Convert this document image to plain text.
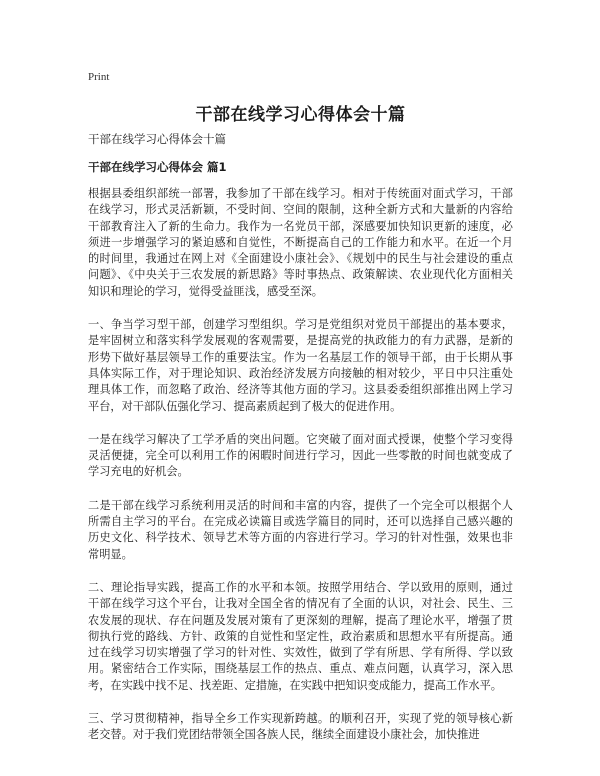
Print
干部在线学习心得体会十篇

干部在线学习心得体会十篇

干部在线学习心得体会 篇1

根据县委组织部统一部署，我参加了干部在线学习。相对于传统面对面式学习，干部在线学习，形式灵活新颖，不受时间、空间的限制，这种全新方式和大量新的内容给干部教育注入了新的生命力。我作为一名党员干部，深感要加快知识更新的速度，必须进一步增强学习的紧迫感和自觉性，不断提高自己的工作能力和水平。在近一个月的时间里，我通过在网上对《全面建设小康社会》、《规划中的民生与社会建设的重点问题》、《中央关于三农发展的新思路》等时事热点、政策解读、农业现代化方面相关知识和理论的学习，觉得受益匪浅，感受至深。

一、争当学习型干部，创建学习型组织。学习是党组织对党员干部提出的基本要求，是牢固树立和落实科学发展观的客观需要，是提高党的执政能力的有力武器，是新的形势下做好基层领导工作的重要法宝。作为一名基层工作的领导干部，由于长期从事具体实际工作，对于理论知识、政治经济发展方向接触的相对较少，平日中只注重处理具体工作，而忽略了政治、经济等其他方面的学习。这县委委组织部推出网上学习平台，对干部队伍强化学习、提高素质起到了极大的促进作用。

一是在线学习解决了工学矛盾的突出问题。它突破了面对面式授课，使整个学习变得灵活便捷，完全可以利用工作的闲暇时间进行学习，因此一些零散的时间也就变成了学习充电的好机会。

二是干部在线学习系统利用灵活的时间和丰富的内容，提供了一个完全可以根据个人所需自主学习的平台。在完成必读篇目或选学篇目的同时，还可以选择自己感兴趣的历史文化、科学技术、领导艺术等方面的内容进行学习。学习的针对性强，效果也非常明显。

二、理论指导实践，提高工作的水平和本领。按照学用结合、学以致用的原则，通过干部在线学习这个平台，让我对全国全省的情况有了全面的认识，对社会、民生、三农发展的现状、存在问题及发展对策有了更深刻的理解，提高了理论水平，增强了贯彻执行党的路线、方针、政策的自觉性和坚定性，政治素质和思想水平有所提高。通过在线学习切实增强了学习的针对性、实效性，做到了学有所思、学有所得、学以致用。紧密结合工作实际，围绕基层工作的热点、重点、难点问题，认真学习，深入思考，在实践中找不足、找差距、定措施，在实践中把知识变成能力，提高工作水平。

三、学习贯彻精神，指导全乡工作实现新跨越。的顺利召开，实现了党的领导核心新老交替。对于我们党团结带领全国各族人民，继续全面建设小康社会，加快推进
